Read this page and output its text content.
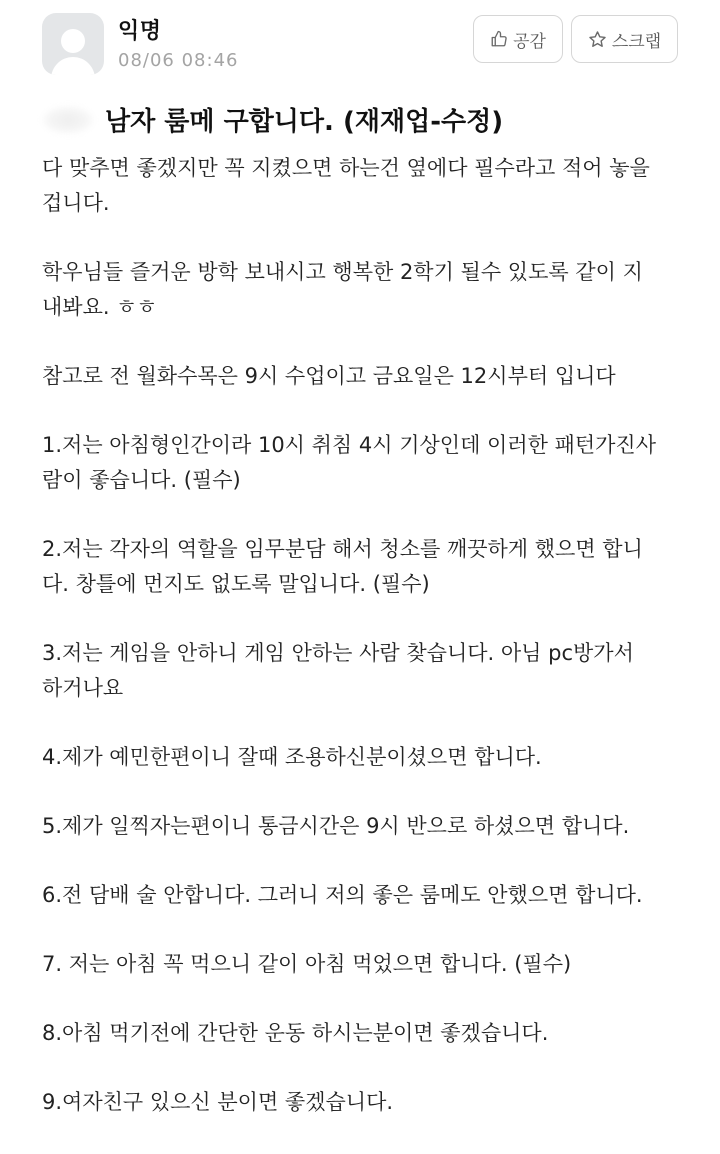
익명
08/06 08:46
공감	스크랩
남자 룸메 구합니다. (재재업-수정)

다 맞추면 좋겠지만 꼭 지켰으면 하는건 옆에다 필수라고 적어 놓을
겁니다.

학우님들 즐거운 방학 보내시고 행복한 2학기 될수 있도록 같이 지
내봐요. ㅎㅎ

참고로 전 월화수목은 9시 수업이고 금요일은 12시부터 입니다

1.저는 아침형인간이라 10시 취침 4시 기상인데 이러한 패턴가진사
람이 좋습니다. (필수)

2.저는 각자의 역할을 임무분담 해서 청소를 깨끗하게 했으면 합니
다. 창틀에 먼지도 없도록 말입니다. (필수)

3.저는 게임을 안하니 게임 안하는 사람 찾습니다. 아님 pc방가서
하거나요

4.제가 예민한편이니 잘때 조용하신분이셨으면 합니다.

5.제가 일찍자는편이니 통금시간은 9시 반으로 하셨으면 합니다.

6.전 담배 술 안합니다. 그러니 저의 좋은 룸메도 안했으면 합니다.

7. 저는 아침 꼭 먹으니 같이 아침 먹었으면 합니다. (필수)

8.아침 먹기전에 간단한 운동 하시는분이면 좋겠습니다.

9.여자친구 있으신 분이면 좋겠습니다.
